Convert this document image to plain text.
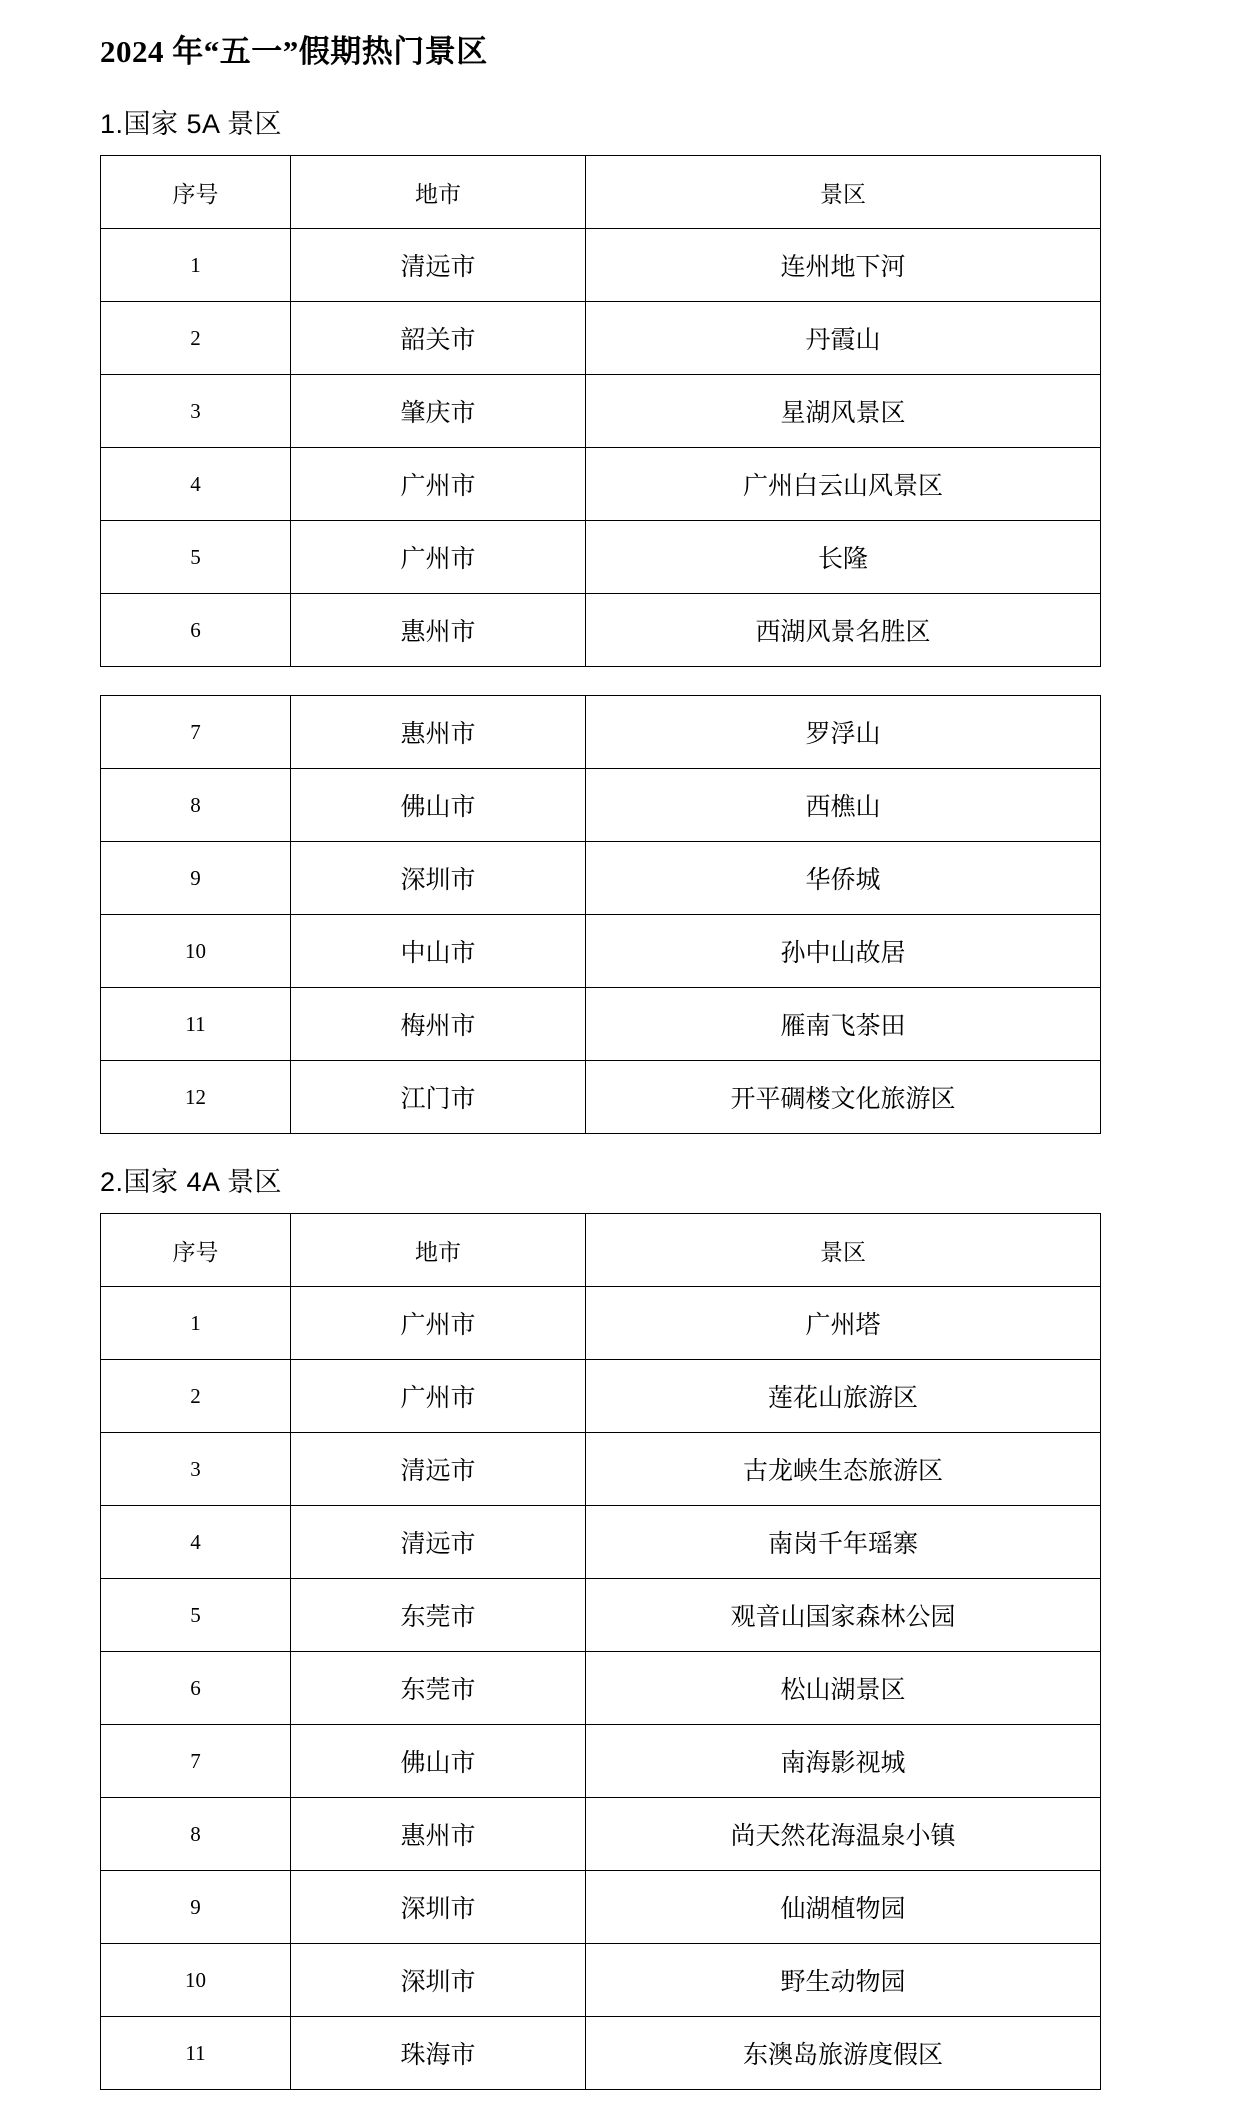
2024 年“五一”假期热门景区
1.国家 5A 景区
序号	地市	景区
1	清远市	连州地下河
2	韶关市	丹霞山
3	肇庆市	星湖风景区
4	广州市	广州白云山风景区
5	广州市	长隆
6	惠州市	西湖风景名胜区
7	惠州市	罗浮山
8	佛山市	西樵山
9	深圳市	华侨城
10	中山市	孙中山故居
11	梅州市	雁南飞茶田
12	江门市	开平碉楼文化旅游区
2.国家 4A 景区
序号	地市	景区
1	广州市	广州塔
2	广州市	莲花山旅游区
3	清远市	古龙峡生态旅游区
4	清远市	南岗千年瑶寨
5	东莞市	观音山国家森林公园
6	东莞市	松山湖景区
7	佛山市	南海影视城
8	惠州市	尚天然花海温泉小镇
9	深圳市	仙湖植物园
10	深圳市	野生动物园
11	珠海市	东澳岛旅游度假区
